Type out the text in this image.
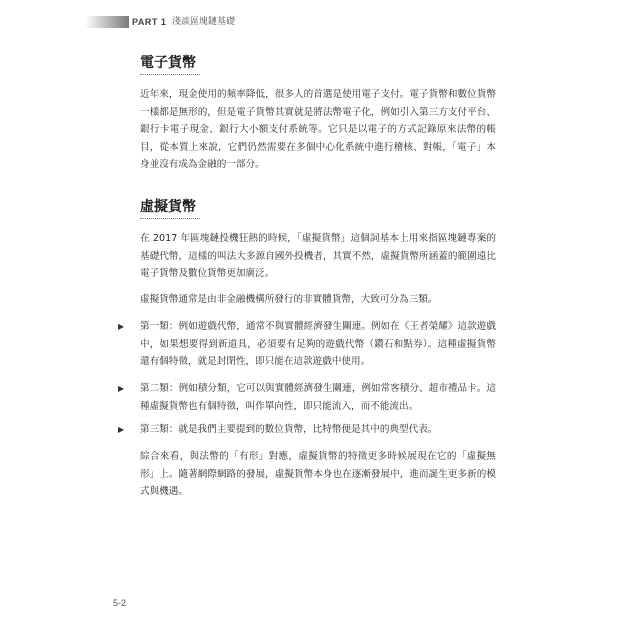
PART 1 淺談區塊鏈基礎
電子貨幣

近年來，現金使用的頻率降低，很多人的首選是使用電子支付。電子貨幣和數位貨幣一樣都是無形的，但是電子貨幣其實就是將法幣電子化，例如引入第三方支付平台、銀行卡電子現金、銀行大小額支付系統等。它只是以電子的方式記錄原來法幣的帳目，從本質上來說，它們仍然需要在多個中心化系統中進行稽核、對帳，「電子」本身並沒有成為金融的一部分。

虛擬貨幣

在 2017 年區塊鏈投機狂熱的時候，「虛擬貨幣」這個詞基本上用來指區塊鏈專案的基礎代幣，這樣的叫法大多源自國外投機者，其實不然，虛擬貨幣所涵蓋的範圍遠比電子貨幣及數位貨幣更加廣泛。

虛擬貨幣通常是由非金融機構所發行的非實體貨幣，大致可分為三類。

▶ 第一類：例如遊戲代幣，通常不與實體經濟發生關連。例如在《王者榮耀》這款遊戲中，如果想要得到新道具，必須要有足夠的遊戲代幣（鑽石和點券）。這種虛擬貨幣還有個特徵，就是封閉性，即只能在這款遊戲中使用。
▶ 第二類：例如積分類，它可以與實體經濟發生關連，例如常客積分、超市禮品卡。這種虛擬貨幣也有個特徵，叫作單向性，即只能流入，而不能流出。
▶ 第三類：就是我們主要提到的數位貨幣，比特幣便是其中的典型代表。

綜合來看，與法幣的「有形」對應，虛擬貨幣的特徵更多時候展現在它的「虛擬無形」上。隨著網際網路的發展，虛擬貨幣本身也在逐漸發展中，進而誕生更多新的模式與機遇。

5-2
